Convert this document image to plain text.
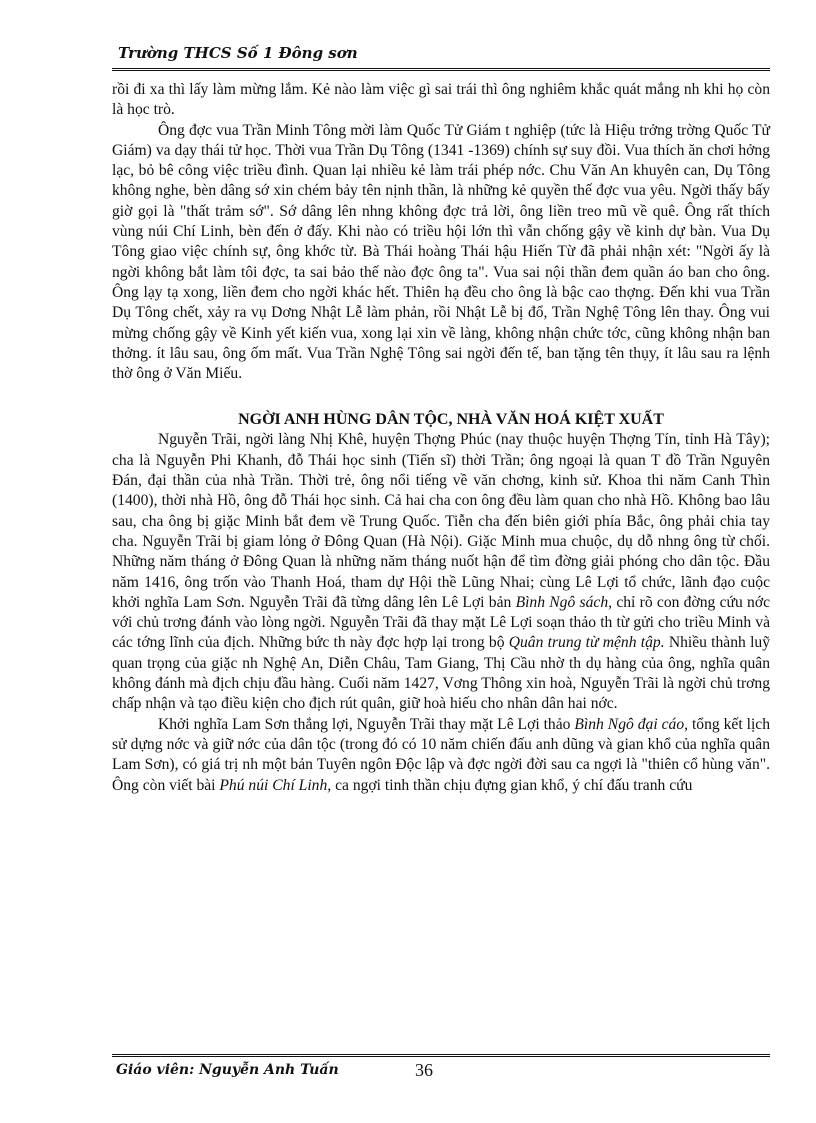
Trường THCS Số 1 Đông sơn

rồi đi xa thì lấy làm mừng lắm. Kẻ nào làm việc gì sai trái thì ông nghiêm khắc quát mắng nh khi họ còn là học trò.

Ông đợc vua Trần Minh Tông mời làm Quốc Tử Giám t nghiệp (tức là Hiệu trởng trờng Quốc Tử Giám) va dạy thái tử học. Thời vua Trần Dụ Tông (1341 -1369) chính sự suy đồi. Vua thích ăn chơi hởng lạc, bỏ bê công việc triều đình. Quan lại nhiều kẻ làm trái phép nớc. Chu Văn An khuyên can, Dụ Tông không nghe, bèn dâng sớ xin chém bảy tên nịnh thần, là những kẻ quyền thế đợc vua yêu. Ngời thấy bấy giờ gọi là "thất trảm sớ". Sớ dâng lên nhng không đợc trả lời, ông liền treo mũ về quê. Ông rất thích vùng núi Chí Linh, bèn đến ở đấy. Khi nào có triều hội lớn thì vẫn chống gậy về kinh dự bàn. Vua Dụ Tông giao việc chính sự, ông khớc từ. Bà Thái hoàng Thái hậu Hiến Từ đã phải nhận xét: "Ngời ấy là ngời không bắt làm tôi đợc, ta sai bảo thế nào đợc ông ta". Vua sai nội thần đem quần áo ban cho ông. Ông lạy tạ xong, liền đem cho ngời khác hết. Thiên hạ đều cho ông là bậc cao thợng. Đến khi vua Trần Dụ Tông chết, xảy ra vụ Dơng Nhật Lễ làm phản, rồi Nhật Lễ bị đổ, Trần Nghệ Tông lên thay. Ông vui mừng chống gậy về Kinh yết kiến vua, xong lại xin về làng, không nhận chức tớc, cũng không nhận ban thởng. ít lâu sau, ông ốm mất. Vua Trần Nghệ Tông sai ngời đến tế, ban tặng tên thụy, ít lâu sau ra lệnh thờ ông ở Văn Miếu.

NGỜI ANH HÙNG DÂN TỘC, NHÀ VĂN HOÁ KIỆT XUẤT

Nguyễn Trãi, ngời làng Nhị Khê, huyện Thợng Phúc (nay thuộc huyện Thợng Tín, tỉnh Hà Tây); cha là Nguyễn Phi Khanh, đỗ Thái học sinh (Tiến sĩ) thời Trần; ông ngoại là quan T đồ Trần Nguyên Đán, đại thần của nhà Trần. Thời trẻ, ông nổi tiếng về văn chơng, kinh sử. Khoa thi năm Canh Thìn (1400), thời nhà Hồ, ông đỗ Thái học sinh. Cả hai cha con ông đều làm quan cho nhà Hồ. Không bao lâu sau, cha ông bị giặc Minh bắt đem về Trung Quốc. Tiễn cha đến biên giới phía Bắc, ông phải chia tay cha. Nguyễn Trãi bị giam lỏng ở Đông Quan (Hà Nội). Giặc Minh mua chuộc, dụ dỗ nhng ông từ chối. Những năm tháng ở Đông Quan là những năm tháng nuốt hận để tìm đờng giải phóng cho dân tộc. Đầu năm 1416, ông trốn vào Thanh Hoá, tham dự Hội thề Lũng Nhai; cùng Lê Lợi tổ chức, lãnh đạo cuộc khởi nghĩa Lam Sơn. Nguyễn Trãi đã từng dâng lên Lê Lợi bản Bình Ngô sách, chỉ rõ con đờng cứu nớc với chủ trơng đánh vào lòng ngời. Nguyễn Trãi đã thay mặt Lê Lợi soạn thảo th từ gửi cho triều Minh và các tớng lĩnh của địch. Những bức th này đợc hợp lại trong bộ Quân trung từ mệnh tập. Nhiều thành luỹ quan trọng của giặc nh Nghệ An, Diễn Châu, Tam Giang, Thị Cầu nhờ th dụ hàng của ông, nghĩa quân không đánh mà địch chịu đầu hàng. Cuối năm 1427, Vơng Thông xin hoà, Nguyễn Trãi là ngời chủ trơng chấp nhận và tạo điều kiện cho địch rút quân, giữ hoà hiếu cho nhân dân hai nớc.

Khởi nghĩa Lam Sơn thắng lợi, Nguyễn Trãi thay mặt Lê Lợi thảo Bình Ngô đại cáo, tổng kết lịch sử dựng nớc và giữ nớc của dân tộc (trong đó có 10 năm chiến đấu anh dũng và gian khổ của nghĩa quân Lam Sơn), có giá trị nh một bản Tuyên ngôn Độc lập và đợc ngời đời sau ca ngợi là "thiên cổ hùng văn". Ông còn viết bài Phú núi Chí Linh, ca ngợi tinh thần chịu đựng gian khổ, ý chí đấu tranh cứu

Giáo viên: Nguyễn Anh Tuấn	36
